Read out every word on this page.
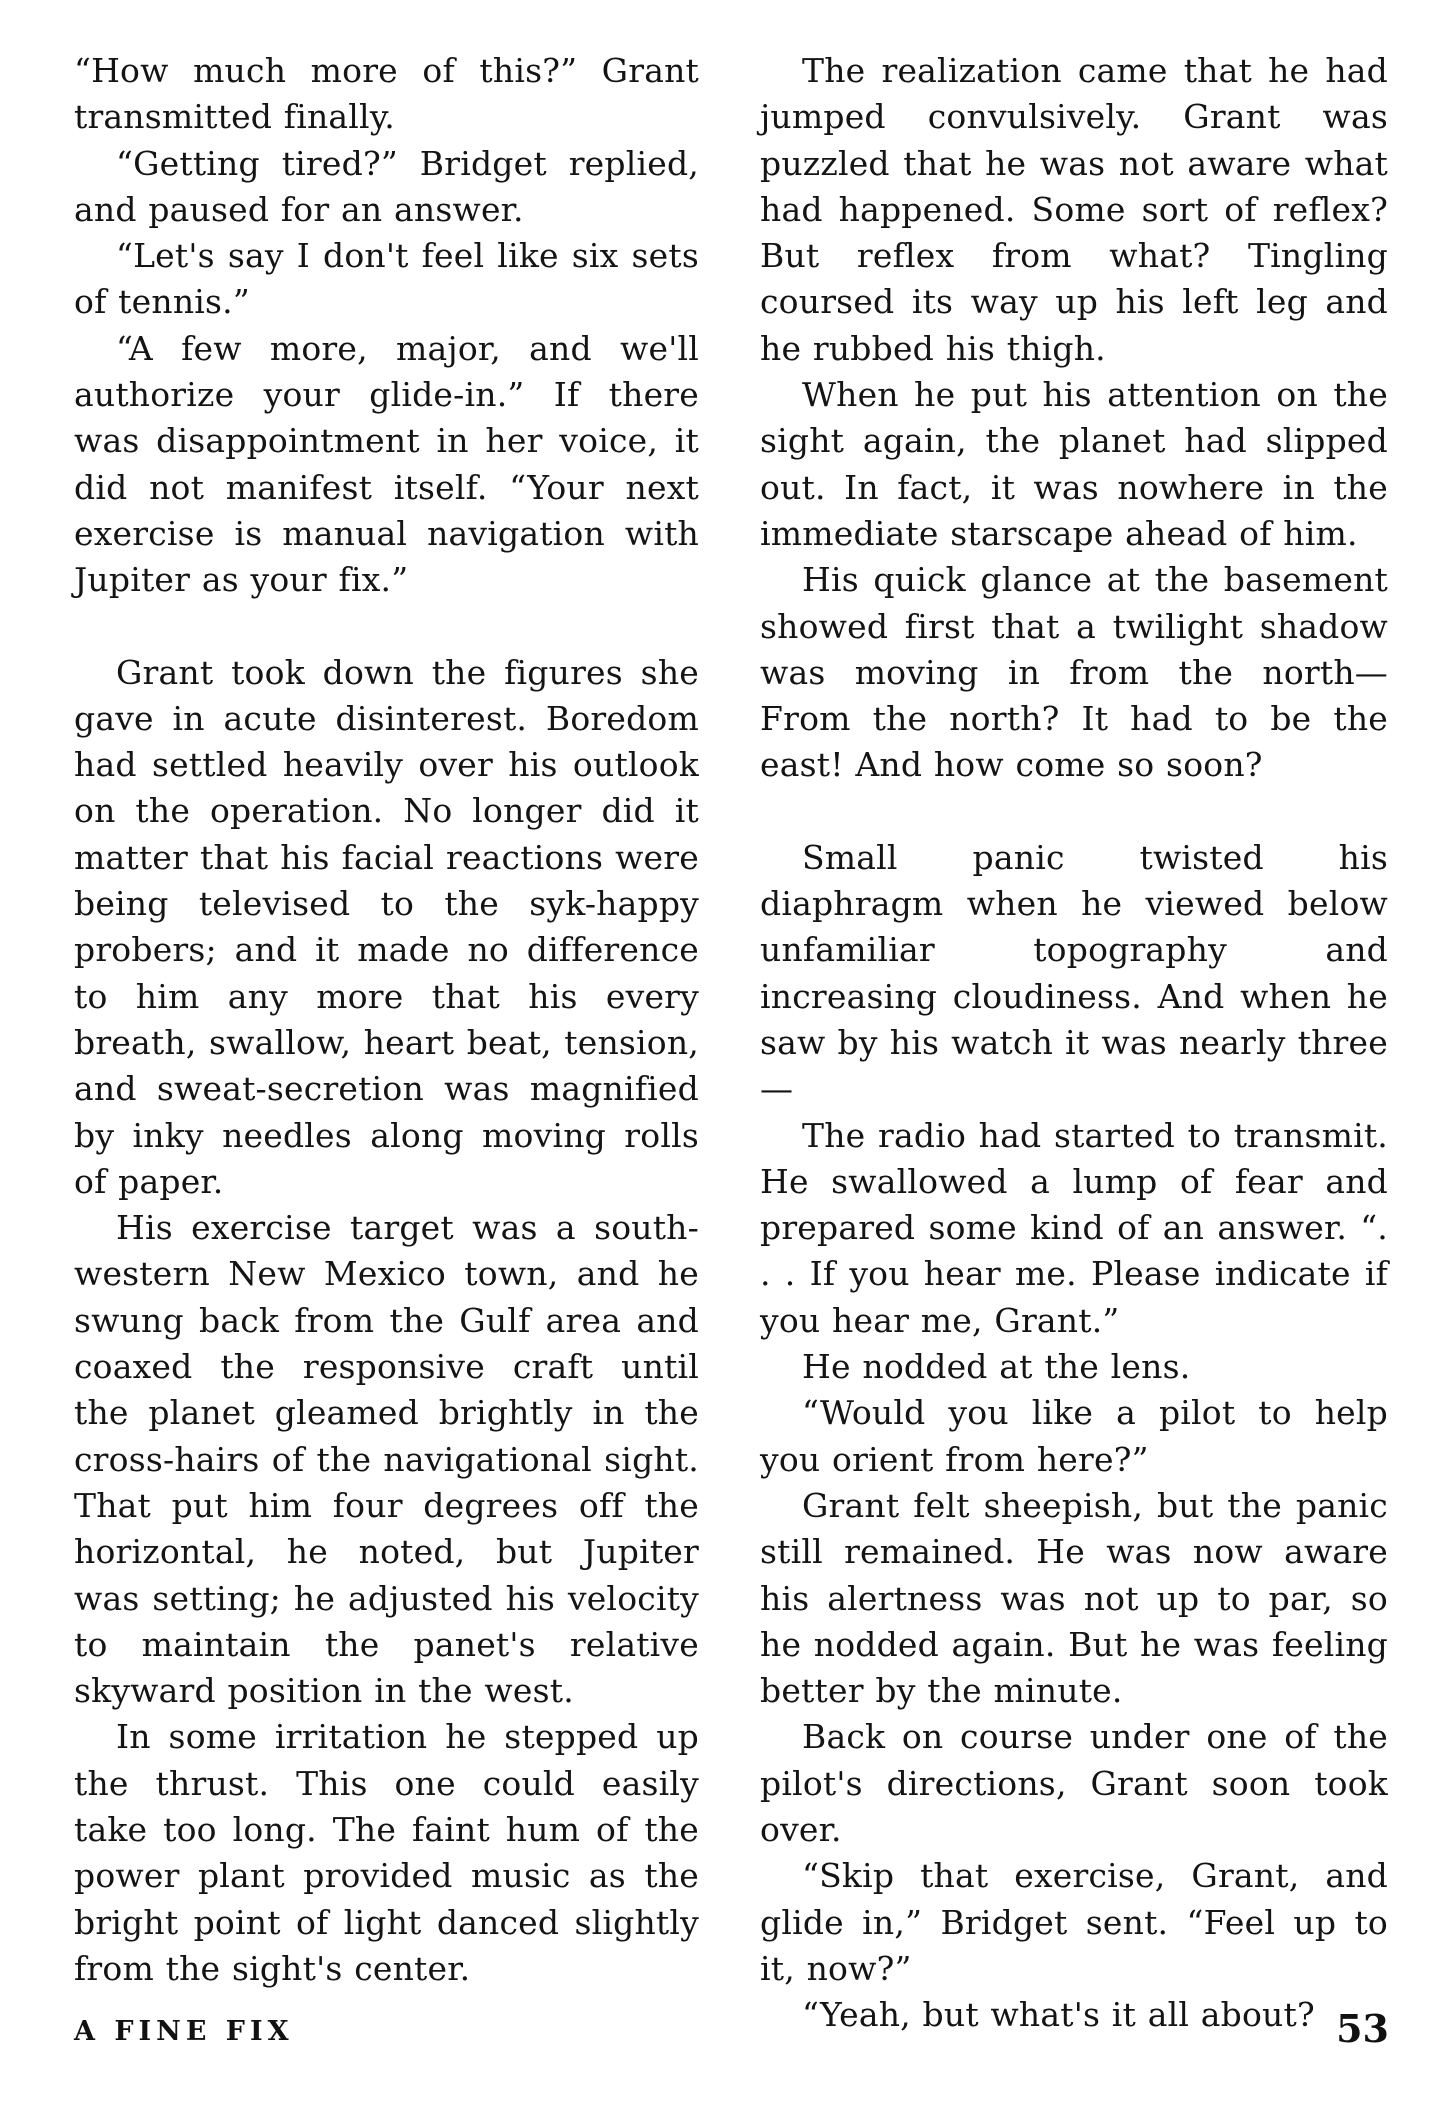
“How much more of this?” Grant transmitted finally.

“Getting tired?” Bridget replied, and paused for an answer.

“Let's say I don't feel like six sets of tennis.”

“A few more, major, and we'll authorize your glide-in.” If there was disappointment in her voice, it did not manifest itself. “Your next exercise is manual navigation with Jupiter as your fix.”

Grant took down the figures she gave in acute disinterest. Boredom had settled heavily over his outlook on the operation. No longer did it matter that his facial reactions were being televised to the syk-happy probers; and it made no difference to him any more that his every breath, swallow, heart beat, tension, and sweat-secretion was magnified by inky needles along moving rolls of paper.

His exercise target was a south-western New Mexico town, and he swung back from the Gulf area and coaxed the responsive craft until the planet gleamed brightly in the cross-hairs of the navigational sight. That put him four degrees off the horizontal, he noted, but Jupiter was setting; he adjusted his velocity to maintain the panet's relative skyward position in the west.

In some irritation he stepped up the thrust. This one could easily take too long. The faint hum of the power plant provided music as the bright point of light danced slightly from the sight's center.

The realization came that he had jumped convulsively. Grant was puzzled that he was not aware what had happened. Some sort of reflex? But reflex from what? Tingling coursed its way up his left leg and he rubbed his thigh.

When he put his attention on the sight again, the planet had slipped out. In fact, it was nowhere in the immediate starscape ahead of him.

His quick glance at the basement showed first that a twilight shadow was moving in from the north—From the north? It had to be the east! And how come so soon?

Small panic twisted his diaphragm when he viewed below unfamiliar topography and increasing cloudiness. And when he saw by his watch it was nearly three—

The radio had started to transmit. He swallowed a lump of fear and prepared some kind of an answer. “. . . If you hear me. Please indicate if you hear me, Grant.”

He nodded at the lens.

“Would you like a pilot to help you orient from here?”

Grant felt sheepish, but the panic still remained. He was now aware his alertness was not up to par, so he nodded again. But he was feeling better by the minute.

Back on course under one of the pilot's directions, Grant soon took over.

“Skip that exercise, Grant, and glide in,” Bridget sent. “Feel up to it, now?”

“Yeah, but what's it all about?

A FINE FIX	53
